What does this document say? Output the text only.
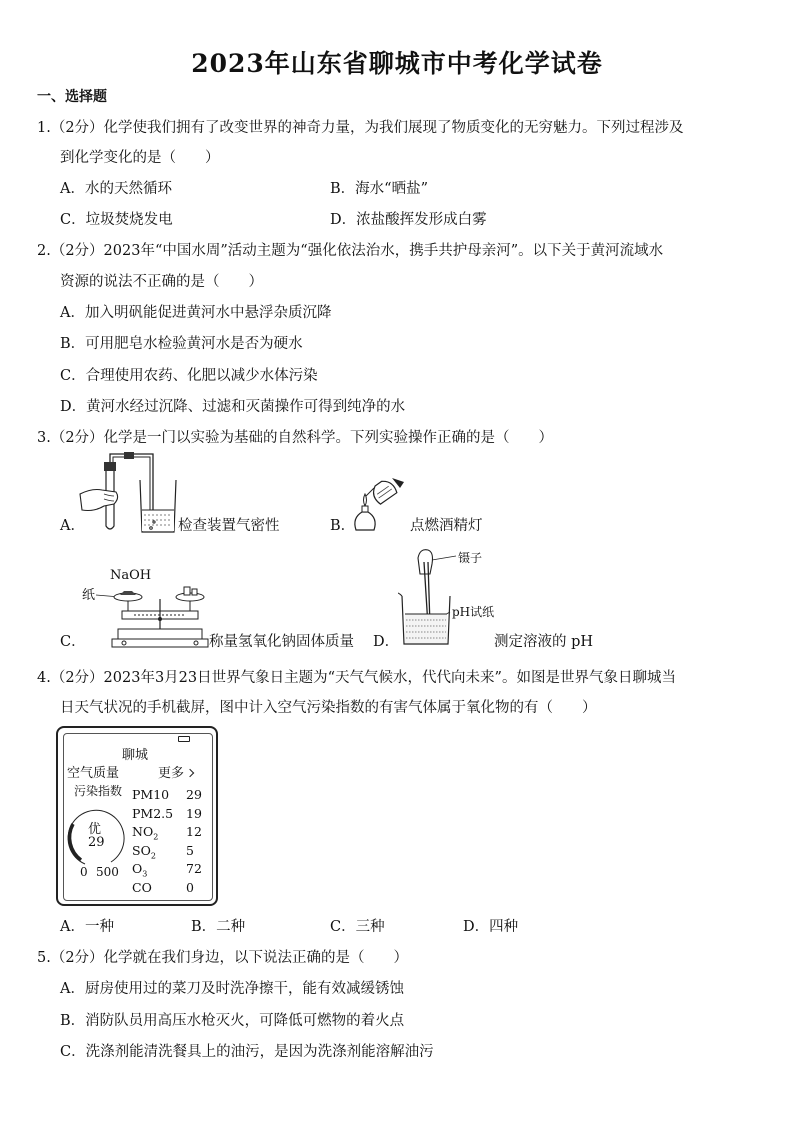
2023年山东省聊城市中考化学试卷
一、选择题
1.（2分）化学使我们拥有了改变世界的神奇力量，为我们展现了物质变化的无穷魅力。下列过程涉及
到化学变化的是（　　）
A．水的天然循环	B．海水“晒盐”
C．垃圾焚烧发电	D．浓盐酸挥发形成白雾
2.（2分）2023年“中国水周”活动主题为“强化依法治水，携手共护母亲河”。以下关于黄河流域水
资源的说法不正确的是（　　）
A．加入明矾能促进黄河水中悬浮杂质沉降
B．可用肥皂水检验黄河水是否为硬水
C．合理使用农药、化肥以减少水体污染
D．黄河水经过沉降、过滤和灭菌操作可得到纯净的水
3.（2分）化学是一门以实验为基础的自然科学。下列实验操作正确的是（　　）
A．	检查装置气密性	B．	点燃酒精灯
NaOH
纸
C．	称量氢氧化钠固体质量
镊子
pH试纸
D．	测定溶液的 pH
4.（2分）2023年3月23日世界气象日主题为“天气气候水，代代向未来”。如图是世界气象日聊城当
日天气状况的手机截屏，图中计入空气污染指数的有害气体属于氧化物的有（　　）
聊城
空气质量	更多
污染指数
优
29
0 500
PM10 29
PM2.5 19
$NO_2$ 12
$SO_2$ 5
$O_3$	72
CO	0
A．一种	B．二种	C．三种	D．四种
5.（2分）化学就在我们身边，以下说法正确的是（　　）
A．厨房使用过的菜刀及时洗净擦干，能有效减缓锈蚀
B．消防队员用高压水枪灭火，可降低可燃物的着火点
C．洗涤剂能清洗餐具上的油污，是因为洗涤剂能溶解油污
